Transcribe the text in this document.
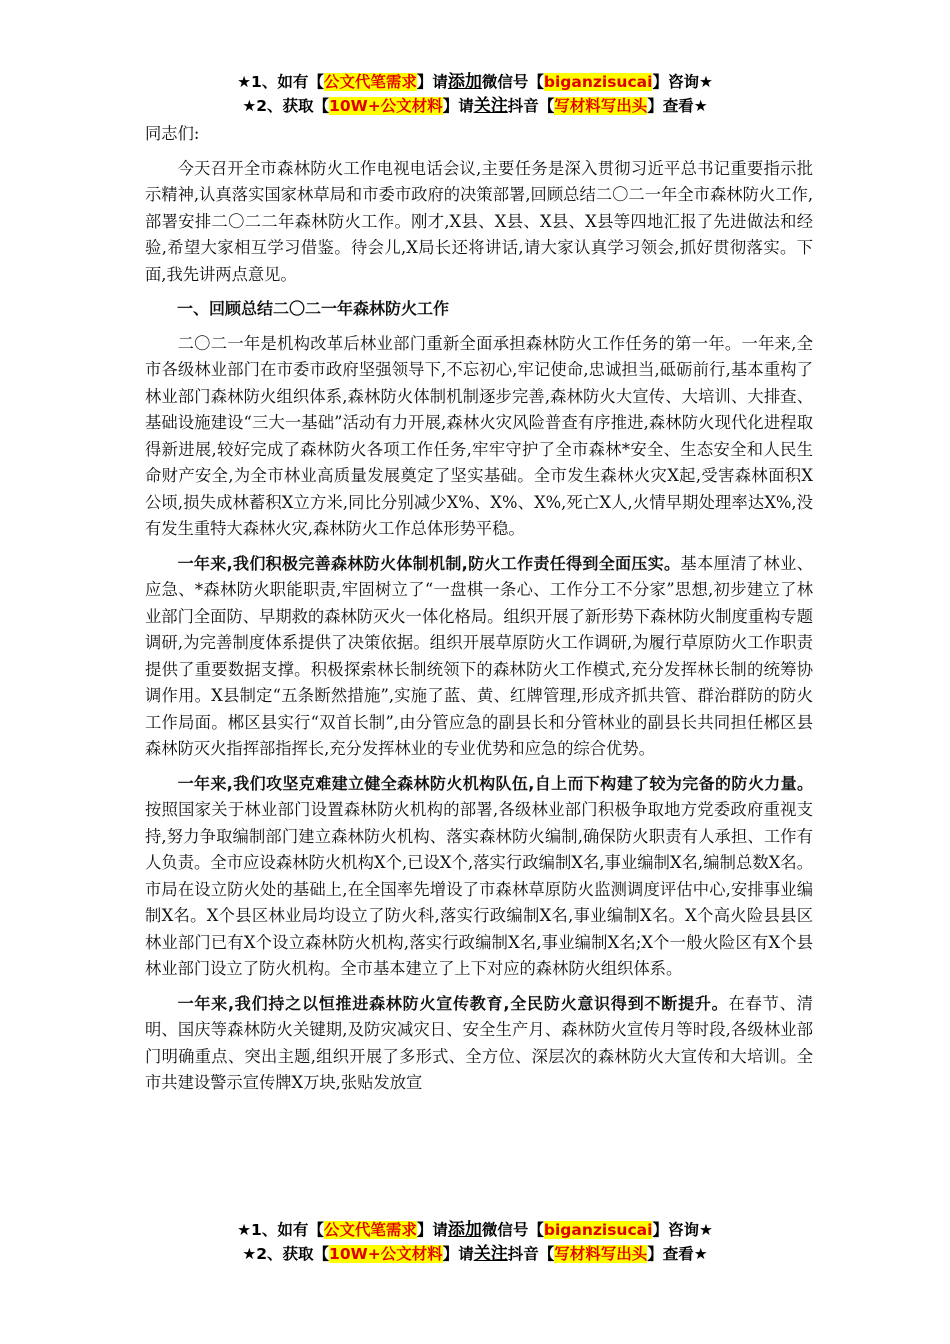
★1、如有【公文代笔需求】请添加微信号【biganzisucai】咨询★
★2、获取【10W+公文材料】请关注抖音【写材料写出头】查看★

同志们:

今天召开全市森林防火工作电视电话会议,主要任务是深入贯彻习近平总书记重要指示批示精神,认真落实国家林草局和市委市政府的决策部署,回顾总结二〇二一年全市森林防火工作,部署安排二〇二二年森林防火工作。刚才,X县、X县、X县、X县等四地汇报了先进做法和经验,希望大家相互学习借鉴。待会儿,X局长还将讲话,请大家认真学习领会,抓好贯彻落实。下面,我先讲两点意见。

一、回顾总结二〇二一年森林防火工作

二〇二一年是机构改革后林业部门重新全面承担森林防火工作任务的第一年。一年来,全市各级林业部门在市委市政府坚强领导下,不忘初心,牢记使命,忠诚担当,砥砺前行,基本重构了林业部门森林防火组织体系,森林防火体制机制逐步完善,森林防火大宣传、大培训、大排查、基础设施建设“三大一基础”活动有力开展,森林火灾风险普查有序推进,森林防火现代化进程取得新进展,较好完成了森林防火各项工作任务,牢牢守护了全市森林*安全、生态安全和人民生命财产安全,为全市林业高质量发展奠定了坚实基础。全市发生森林火灾X起,受害森林面积X公顷,损失成林蓄积X立方米,同比分别减少X%、X%、X%,死亡X人,火情早期处理率达X%,没有发生重特大森林火灾,森林防火工作总体形势平稳。

一年来,我们积极完善森林防火体制机制,防火工作责任得到全面压实。基本厘清了林业、应急、*森林防火职能职责,牢固树立了“一盘棋一条心、工作分工不分家”思想,初步建立了林业部门全面防、早期救的森林防灭火一体化格局。组织开展了新形势下森林防火制度重构专题调研,为完善制度体系提供了决策依据。组织开展草原防火工作调研,为履行草原防火工作职责提供了重要数据支撑。积极探索林长制统领下的森林防火工作模式,充分发挥林长制的统筹协调作用。X县制定“五条断然措施”,实施了蓝、黄、红牌管理,形成齐抓共管、群治群防的防火工作局面。郴区县实行“双首长制”,由分管应急的副县长和分管林业的副县长共同担任郴区县森林防灭火指挥部指挥长,充分发挥林业的专业优势和应急的综合优势。

一年来,我们攻坚克难建立健全森林防火机构队伍,自上而下构建了较为完备的防火力量。按照国家关于林业部门设置森林防火机构的部署,各级林业部门积极争取地方党委政府重视支持,努力争取编制部门建立森林防火机构、落实森林防火编制,确保防火职责有人承担、工作有人负责。全市应设森林防火机构X个,已设X个,落实行政编制X名,事业编制X名,编制总数X名。市局在设立防火处的基础上,在全国率先增设了市森林草原防火监测调度评估中心,安排事业编制X名。X个县区林业局均设立了防火科,落实行政编制X名,事业编制X名。X个高火险县县区林业部门已有X个设立森林防火机构,落实行政编制X名,事业编制X名;X个一般火险区有X个县林业部门设立了防火机构。全市基本建立了上下对应的森林防火组织体系。

一年来,我们持之以恒推进森林防火宣传教育,全民防火意识得到不断提升。在春节、清明、国庆等森林防火关键期,及防灾减灾日、安全生产月、森林防火宣传月等时段,各级林业部门明确重点、突出主题,组织开展了多形式、全方位、深层次的森林防火大宣传和大培训。全市共建设警示宣传牌X万块,张贴发放宣

★1、如有【公文代笔需求】请添加微信号【biganzisucai】咨询★
★2、获取【10W+公文材料】请关注抖音【写材料写出头】查看★
